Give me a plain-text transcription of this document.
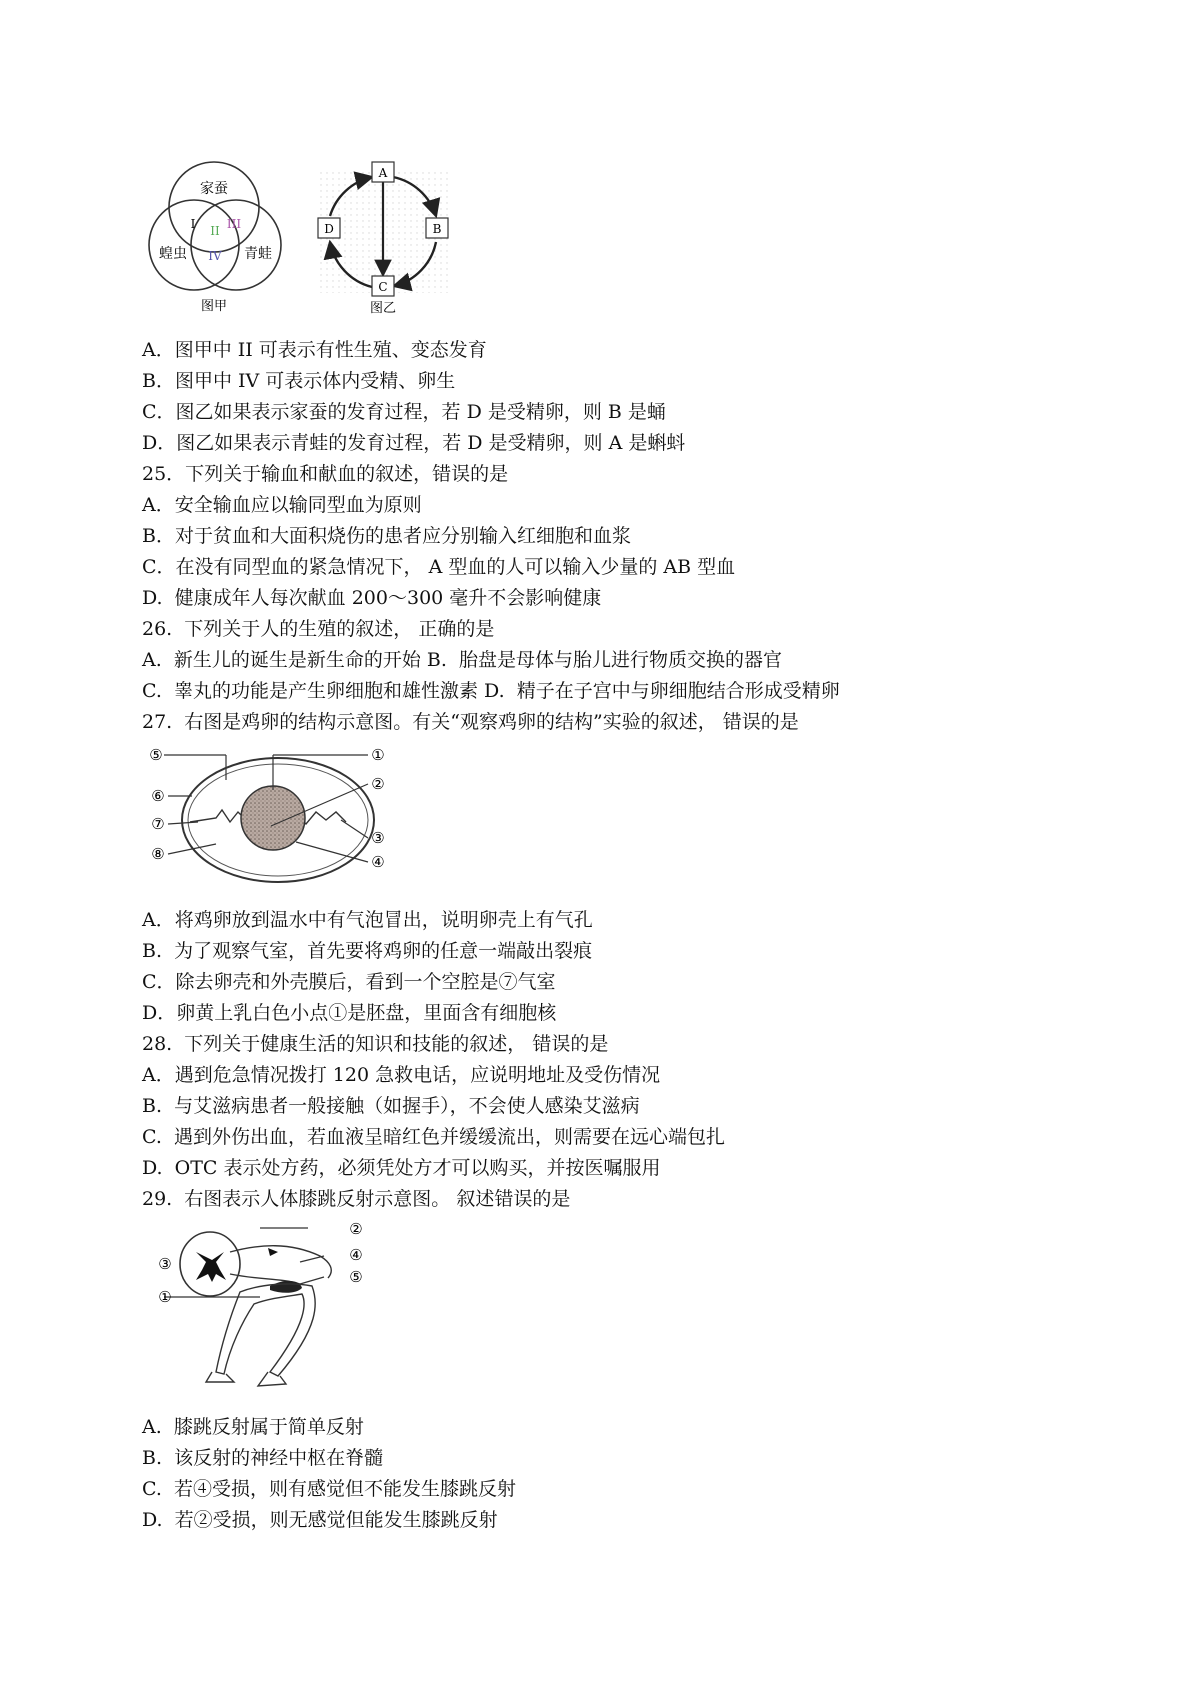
家蚕
蝗虫	青蛙
I II III
IV
图甲
A
B
C
D
图乙

A．图甲中 II 可表示有性生殖、变态发育

B．图甲中 IV 可表示体内受精、卵生

C．图乙如果表示家蚕的发育过程，若 D 是受精卵，则 B 是蛹

D．图乙如果表示青蛙的发育过程，若 D 是受精卵，则 A 是蝌蚪

25．下列关于输血和献血的叙述，错误的是

A．安全输血应以输同型血为原则

B．对于贫血和大面积烧伤的患者应分别输入红细胞和血浆

C．在没有同型血的紧急情况下， A 型血的人可以输入少量的 AB 型血

D.  健康成年人每次献血 200～300 毫升不会影响健康

26.  下列关于人的生殖的叙述， 正确的是

A.  新生儿的诞生是新生命的开始 B.  胎盘是母体与胎儿进行物质交换的器官

C.  睾丸的功能是产生卵细胞和雄性激素 D.  精子在子宫中与卵细胞结合形成受精卵

27.  右图是鸡卵的结构示意图。有关“观察鸡卵的结构”实验的叙述， 错误的是

⑤
⑥
⑦
⑧
①
②
③
④

A．将鸡卵放到温水中有气泡冒出，说明卵壳上有气孔

B.  为了观察气室，首先要将鸡卵的任意一端敲出裂痕

C．除去卵壳和外壳膜后，看到一个空腔是⑦气室

D．卵黄上乳白色小点①是胚盘，里面含有细胞核

28.  下列关于健康生活的知识和技能的叙述， 错误的是

A．遇到危急情况拨打 120 急救电话，应说明地址及受伤情况

B.  与艾滋病患者一般接触（如握手），不会使人感染艾滋病

C.  遇到外伤出血，若血液呈暗红色并缓缓流出，则需要在远心端包扎

D.  OTC 表示处方药，必须凭处方才可以购买，并按医嘱服用

29.  右图表示人体膝跳反射示意图。 叙述错误的是

②
③	④
⑤
①

A.  膝跳反射属于简单反射

B.  该反射的神经中枢在脊髓

C.  若④受损，则有感觉但不能发生膝跳反射

D.  若②受损，则无感觉但能发生膝跳反射
